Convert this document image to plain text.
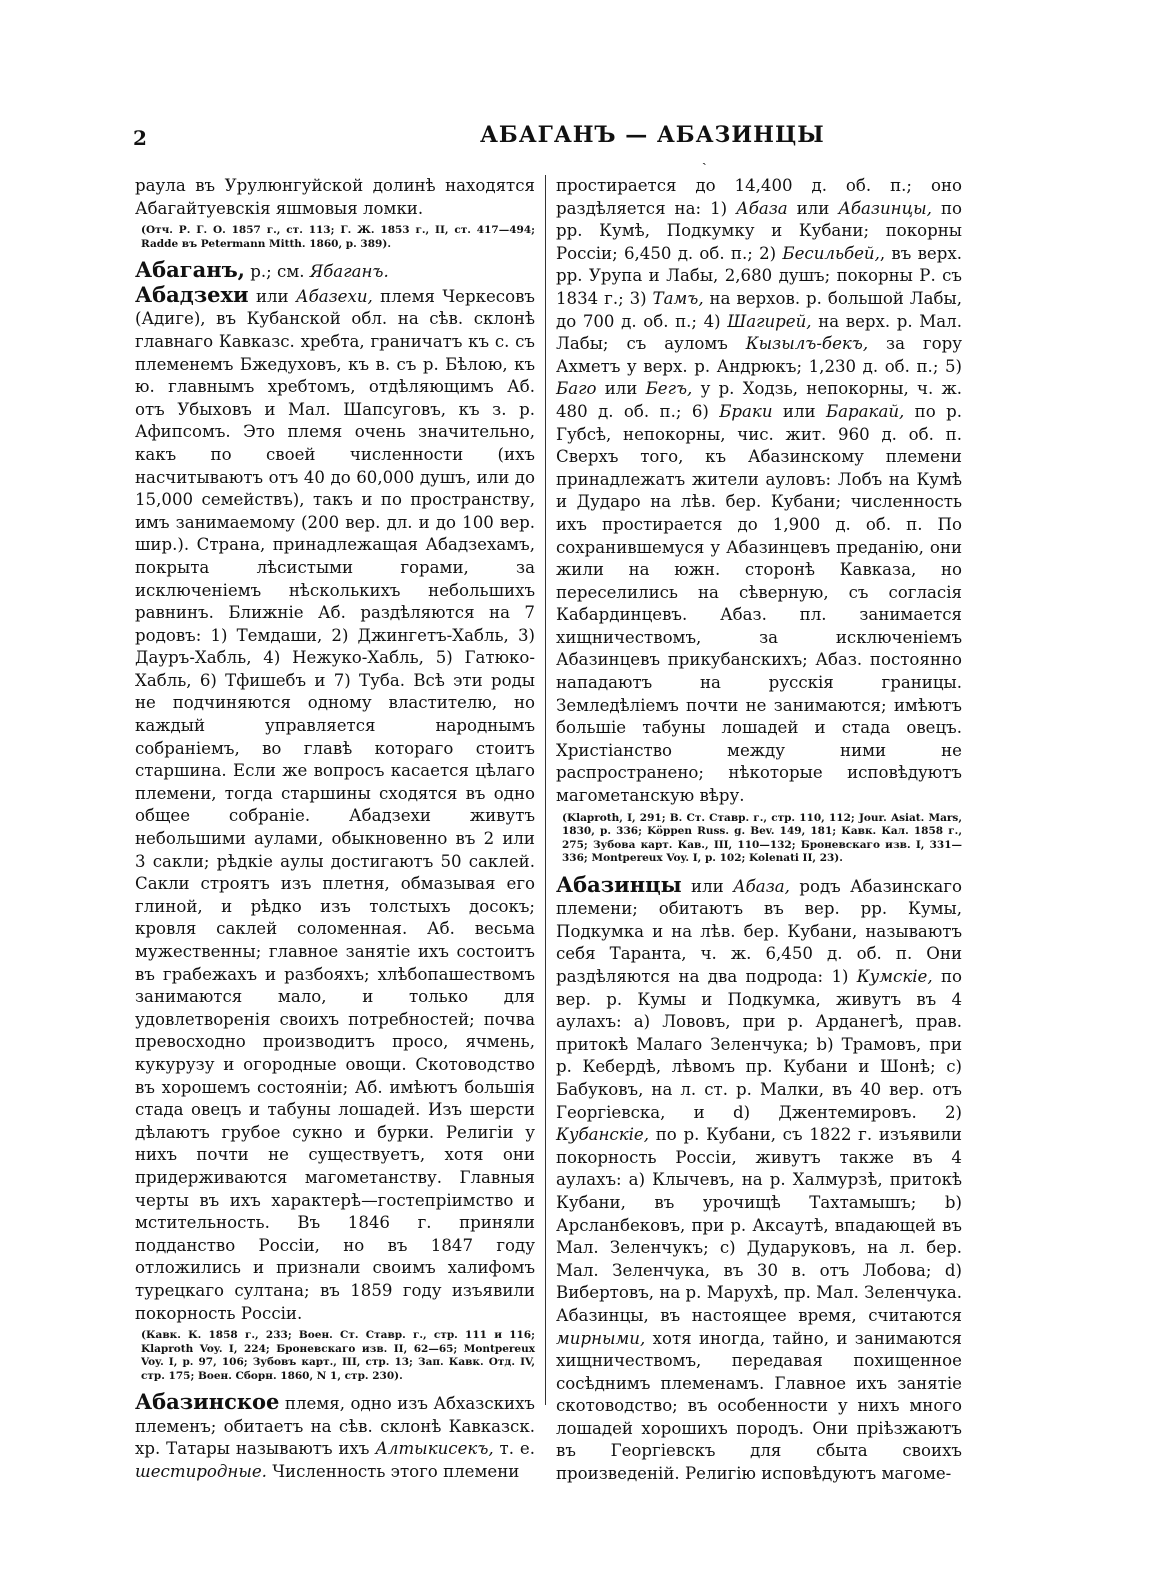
2	АБАГАНЪ — АБАЗИНЦЫ
ˎ

раула въ Урулюнгуйской долинѣ находятся Абагайтуевскія яшмовыя ломки.

(Отч. Р. Г. О. 1857 г., ст. 113; Г. Ж. 1853 г., II, ст. 417—494; Radde въ Petermann Mitth. 1860, p. 389).

Абаганъ, р.; см. Ябаганъ.

Абадзехи или Абазехи, племя Черкесовъ (Адиге), въ Кубанской обл. на сѣв. склонѣ главнаго Кавказс. хребта, граничатъ къ с. съ племенемъ Бжедуховъ, къ в. съ р. Бѣлою, къ ю. главнымъ хребтомъ, отдѣляющимъ Аб. отъ Убыховъ и Мал. Шапсуговъ, къ з. р. Афипсомъ. Это племя очень значительно, какъ по своей численности (ихъ насчитываютъ отъ 40 до 60,000 душъ, или до 15,000 семействъ), такъ и по пространству, имъ занимаемому (200 вер. дл. и до 100 вер. шир.). Страна, принадлежащая Абадзехамъ, покрыта лѣсистыми горами, за исключеніемъ нѣсколькихъ небольшихъ равнинъ. Ближніе Аб. раздѣляются на 7 родовъ: 1) Темдаши, 2) Джингетъ-Хабль, 3) Дауръ-Хабль, 4) Нежуко-Хабль, 5) Гатюко-Хабль, 6) Тфишебъ и 7) Туба. Всѣ эти роды не подчиняются одному властителю, но каждый управляется народнымъ собраніемъ, во главѣ котораго стоитъ старшина. Если же вопросъ касается цѣлаго племени, тогда старшины сходятся въ одно общее собраніе. Абадзехи живутъ небольшими аулами, обыкновенно въ 2 или 3 сакли; рѣдкіе аулы достигаютъ 50 саклей. Сакли строятъ изъ плетня, обмазывая его глиной, и рѣдко изъ толстыхъ досокъ; кровля саклей соломенная. Аб. весьма мужественны; главное занятіе ихъ состоитъ въ грабежахъ и разбояхъ; хлѣбопашествомъ занимаются мало, и только для удовлетворенія своихъ потребностей; почва превосходно производитъ просо, ячмень, кукурузу и огородные овощи. Скотоводство въ хорошемъ состояніи; Аб. имѣютъ большія стада овецъ и табуны лошадей. Изъ шерсти дѣлаютъ грубое сукно и бурки. Религіи у нихъ почти не существуетъ, хотя они придерживаются магометанству. Главныя черты въ ихъ характерѣ—гостепріимство и мстительность. Въ 1846 г. приняли подданство Россіи, но въ 1847 году отложились и признали своимъ халифомъ турецкаго султана; въ 1859 году изъявили покорность Россіи.

(Кавк. К. 1858 г., 233; Воен. Ст. Ставр. г., стр. 111 и 116; Klaproth Voy. I, 224; Броневскаго изв. II, 62—65; Montpereux Voy. I, p. 97, 106; Зубовъ карт., III, стр. 13; Зап. Кавк. Отд. IV, стр. 175; Воен. Сборн. 1860, N 1, стр. 230).

Абазинское племя, одно изъ Абхазскихъ племенъ; обитаетъ на сѣв. склонѣ Кавказск. хр. Татары называютъ ихъ Алтыкисекъ, т. е. шестиродные. Численность этого племени

простирается до 14,400 д. об. п.; оно раздѣляется на: 1) Абаза или Абазинцы, по рр. Кумѣ, Подкумку и Кубани; покорны Россіи; 6,450 д. об. п.; 2) Бесильбей,, въ верх. рр. Урупа и Лабы, 2,680 душъ; покорны Р. съ 1834 г.; 3) Тамъ, на верхов. р. большой Лабы, до 700 д. об. п.; 4) Шагирей, на верх. р. Мал. Лабы; съ ауломъ Кызылъ-бекъ, за гору Ахметъ у верх. р. Андрюкъ; 1,230 д. об. п.; 5) Баго или Бегъ, у р. Ходзь, непокорны, ч. ж. 480 д. об. п.; 6) Браки или Баракай, по р. Губсѣ, непокорны, чис. жит. 960 д. об. п. Сверхъ того, къ Абазинскому племени принадлежатъ жители ауловъ: Лобъ на Кумѣ и Дударо на лѣв. бер. Кубани; численность ихъ простирается до 1,900 д. об. п. По сохранившемуся у Абазинцевъ преданію, они жили на южн. сторонѣ Кавказа, но переселились на сѣверную, съ согласія Кабардинцевъ. Абаз. пл. занимается хищничествомъ, за исключеніемъ Абазинцевъ прикубанскихъ; Абаз. постоянно нападаютъ на русскія границы. Земледѣліемъ почти не занимаются; имѣютъ большіе табуны лошадей и стада овецъ. Христіанство между ними не распространено; нѣкоторые исповѣдуютъ магометанскую вѣру.

(Klaproth, I, 291; В. Ст. Ставр. г., стр. 110, 112; Jour. Asiat. Mars, 1830, p. 336; Köppen Russ. g. Bev. 149, 181; Кавк. Кал. 1858 г., 275; Зубова карт. Кав., III, 110—132; Броневскаго изв. I, 331—336; Montpereux Voy. I, p. 102; Kolenati II, 23).

Абазинцы или Абаза, родъ Абазинскаго племени; обитаютъ въ вер. рр. Кумы, Подкумка и на лѣв. бер. Кубани, называютъ себя Таранта, ч. ж. 6,450 д. об. п. Они раздѣляются на два подрода: 1) Кумскіе, по вер. р. Кумы и Подкумка, живутъ въ 4 аулахъ: a) Лововъ, при р. Арданегѣ, прав. притокѣ Малаго Зеленчука; b) Трамовъ, при р. Кебердѣ, лѣвомъ пр. Кубани и Шонѣ; c) Бабуковъ, на л. ст. р. Малки, въ 40 вер. отъ Георгіевска, и d) Джентемировъ. 2) Кубанскіе, по р. Кубани, съ 1822 г. изъявили покорность Россіи, живутъ также въ 4 аулахъ: a) Клычевъ, на р. Халмурзѣ, притокѣ Кубани, въ урочищѣ Тахтамышъ; b) Арсланбековъ, при р. Аксаутѣ, впадающей въ Мал. Зеленчукъ; c) Дудаpуковъ, на л. бер. Мал. Зеленчука, въ 30 в. отъ Лобова; d) Вибертовъ, на р. Марухѣ, пр. Мал. Зеленчука. Абазинцы, въ настоящее время, считаются мирными, хотя иногда, тайно, и занимаются хищничествомъ, передавая похищенное сосѣднимъ племенамъ. Главное ихъ занятіе скотоводство; въ особенности у нихъ много лошадей хорошихъ породъ. Они пріѣзжаютъ въ Георгіевскъ для сбыта своихъ произведеній. Религію исповѣдуютъ магоме-
